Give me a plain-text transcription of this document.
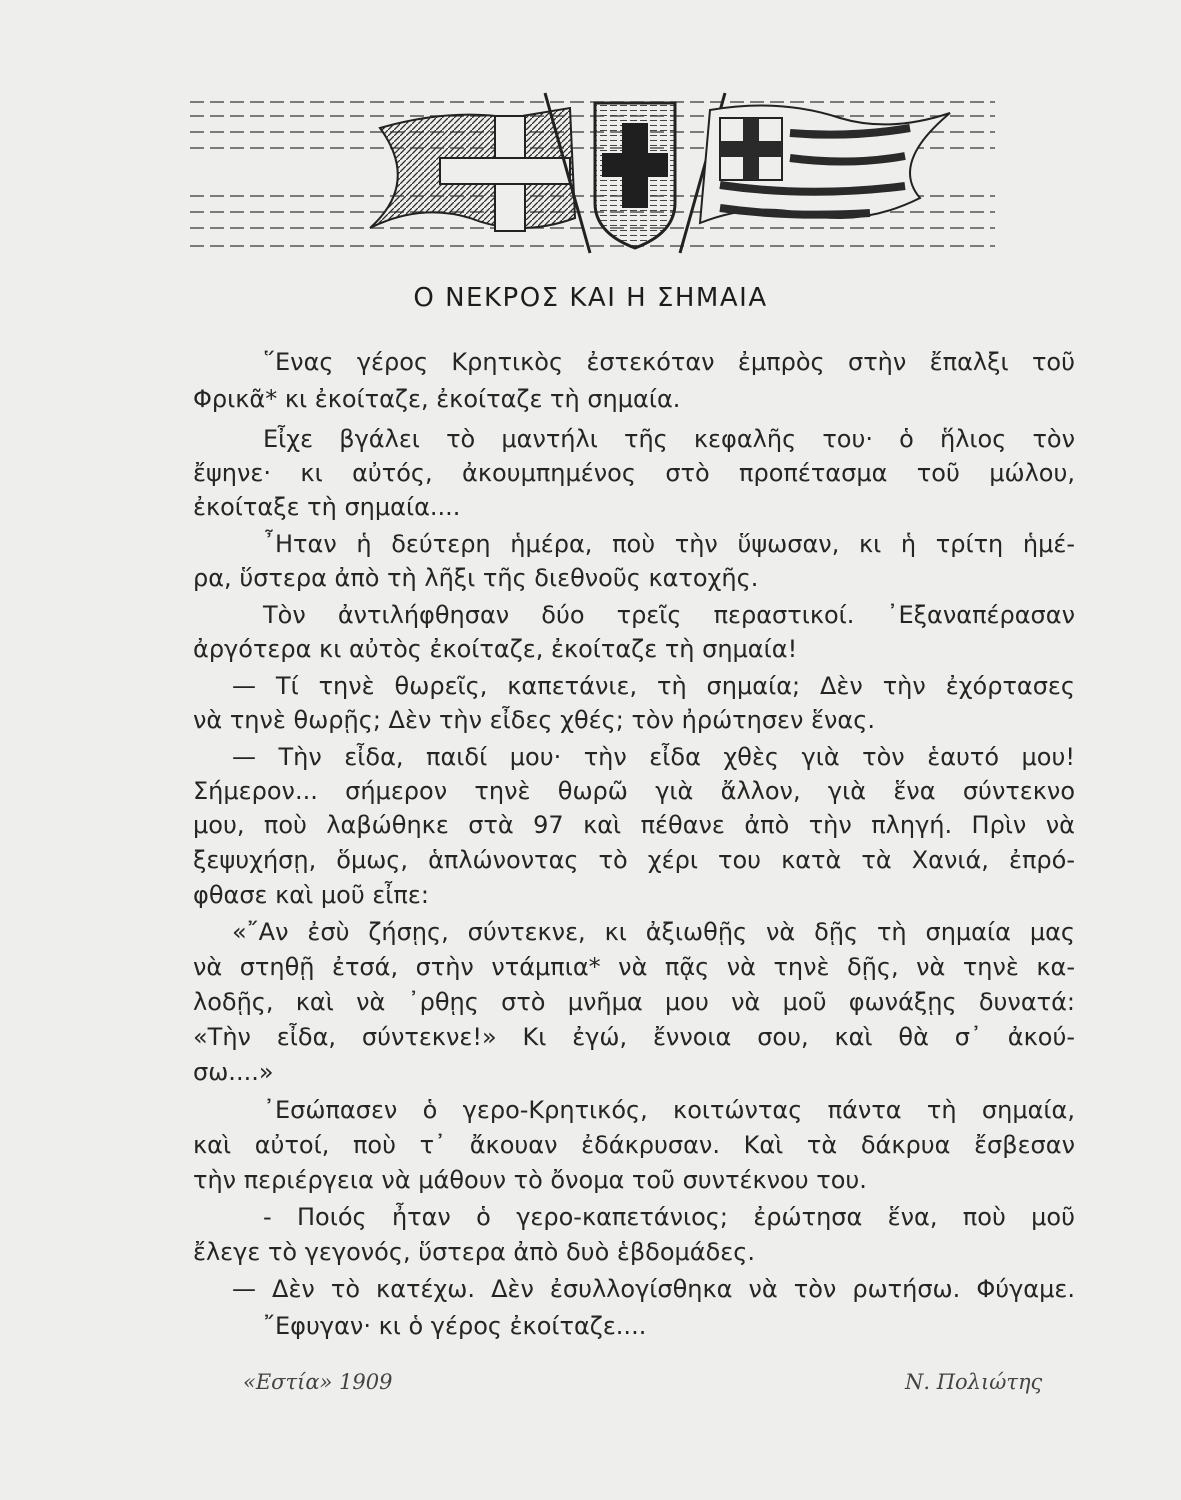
Ο ΝΕΚΡΟΣ ΚΑΙ Η ΣΗΜΑΙΑ
῞Ενας γέρος Κρητικὸς ἐστεκόταν ἐμπρὸς στὴν ἔπαλξι τοῦ
Φρικᾶ* κι ἐκοίταζε, ἐκοίταζε τὴ σημαία.
Εἶχε βγάλει τὸ μαντήλι τῆς κεφαλῆς του· ὁ ἥλιος τὸν
ἔψηνε· κι αὐτός, ἀκουμπημένος στὸ προπέτασμα τοῦ μώλου,
ἐκοίταξε τὴ σημαία....
῏Ηταν ἡ δεύτερη ἡμέρα, ποὺ τὴν ὕψωσαν, κι ἡ τρίτη ἡμέ-
ρα, ὕστερα ἀπὸ τὴ λῆξι τῆς διεθνοῦς κατοχῆς.
Τὸν ἀντιλήφθησαν δύο τρεῖς περαστικοί. ᾿Εξαναπέρασαν
ἀργότερα κι αὐτὸς ἐκοίταζε, ἐκοίταζε τὴ σημαία!
— Τί τηνὲ θωρεῖς, καπετάνιε, τὴ σημαία; Δὲν τὴν ἐχόρτασες
νὰ τηνὲ θωρῇς; Δὲν τὴν εἶδες χθές; τὸν ἠρώτησεν ἕνας.
— Τὴν εἶδα, παιδί μου· τὴν εἶδα χθὲς γιὰ τὸν ἑαυτό μου!
Σήμερον... σήμερον τηνὲ θωρῶ γιὰ ἄλλον, γιὰ ἕνα σύντεκνο
μου, ποὺ λαβώθηκε στὰ 97 καὶ πέθανε ἀπὸ τὴν πληγή. Πρὶν νὰ
ξεψυχήσῃ, ὅμως, ἁπλώνοντας τὸ χέρι του κατὰ τὰ Χανιά, ἐπρό-
φθασε καὶ μοῦ εἶπε:
«῎Αν ἐσὺ ζήσῃς, σύντεκνε, κι ἀξιωθῇς νὰ δῇς τὴ σημαία μας
νὰ στηθῇ ἐτσά, στὴν ντάμπια* νὰ πᾷς νὰ τηνὲ δῇς, νὰ τηνὲ κα-
λοδῇς, καὶ νὰ ᾿ρθῃς στὸ μνῆμα μου νὰ μοῦ φωνάξῃς δυνατά:
«Τὴν εἶδα, σύντεκνε!» Κι ἐγώ, ἔννοια σου, καὶ θὰ σ᾿ ἀκού-
σω....»
᾿Εσώπασεν ὁ γερο-Κρητικός, κοιτώντας πάντα τὴ σημαία,
καὶ αὐτοί, ποὺ τ᾿ ἄκουαν ἐδάκρυσαν. Καὶ τὰ δάκρυα ἔσβεσαν
τὴν περιέργεια νὰ μάθουν τὸ ὄνομα τοῦ συντέκνου του.
- Ποιός ἦταν ὁ γερο-καπετάνιος; ἐρώτησα ἕνα, ποὺ μοῦ
ἔλεγε τὸ γεγονός, ὕστερα ἀπὸ δυὸ ἑβδομάδες.
— Δὲν τὸ κατέχω. Δὲν ἐσυλλογίσθηκα νὰ τὸν ρωτήσω. Φύγαμε.
῎Εφυγαν· κι ὁ γέρος ἐκοίταζε....
«Εστία» 1909	Ν. Πολιώτης
